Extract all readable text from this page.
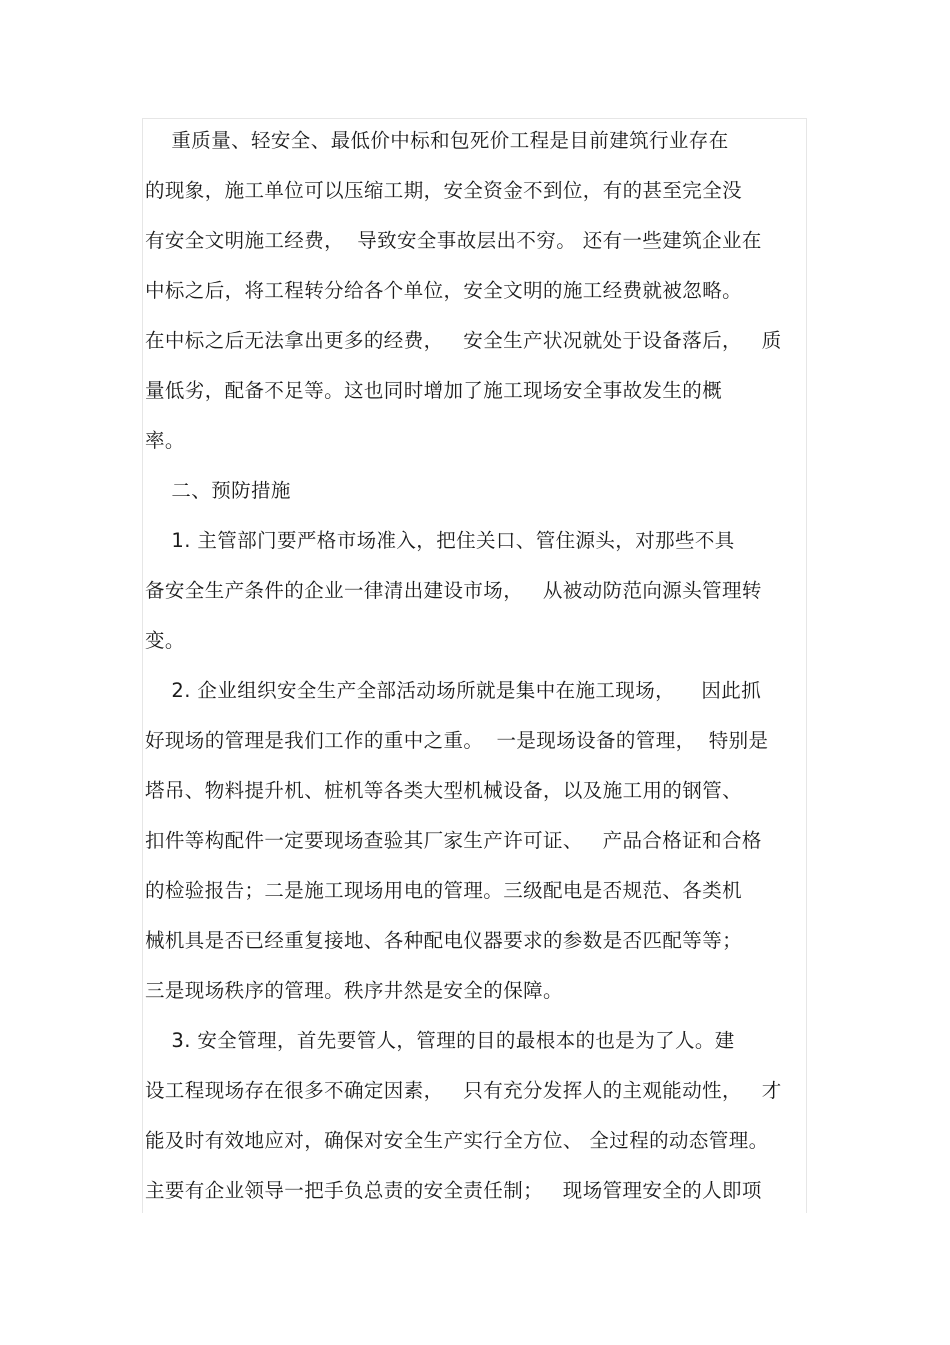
重质量、轻安全、最低价中标和包死价工程是目前建筑行业存在
的现象，施工单位可以压缩工期，安全资金不到位，有的甚至完全没
有安全文明施工经费，  导致安全事故层出不穷。 还有一些建筑企业在
中标之后，将工程转分给各个单位，安全文明的施工经费就被忽略。
在中标之后无法拿出更多的经费，   安全生产状况就处于设备落后，   质
量低劣，配备不足等。这也同时增加了施工现场安全事故发生的概
率。
二、预防措施
1. 主管部门要严格市场准入，把住关口、管住源头，对那些不具
备安全生产条件的企业一律清出建设市场，   从被动防范向源头管理转
变。
2. 企业组织安全生产全部活动场所就是集中在施工现场，    因此抓
好现场的管理是我们工作的重中之重。  一是现场设备的管理，  特别是
塔吊、物料提升机、桩机等各类大型机械设备，以及施工用的钢管、
扣件等构配件一定要现场查验其厂家生产许可证、   产品合格证和合格
的检验报告；二是施工现场用电的管理。三级配电是否规范、各类机
械机具是否已经重复接地、各种配电仪器要求的参数是否匹配等等；
三是现场秩序的管理。秩序井然是安全的保障。
3. 安全管理，首先要管人，管理的目的最根本的也是为了人。建
设工程现场存在很多不确定因素，   只有充分发挥人的主观能动性，   才
能及时有效地应对，确保对安全生产实行全方位、 全过程的动态管理。
主要有企业领导一把手负总责的安全责任制；   现场管理安全的人即项
